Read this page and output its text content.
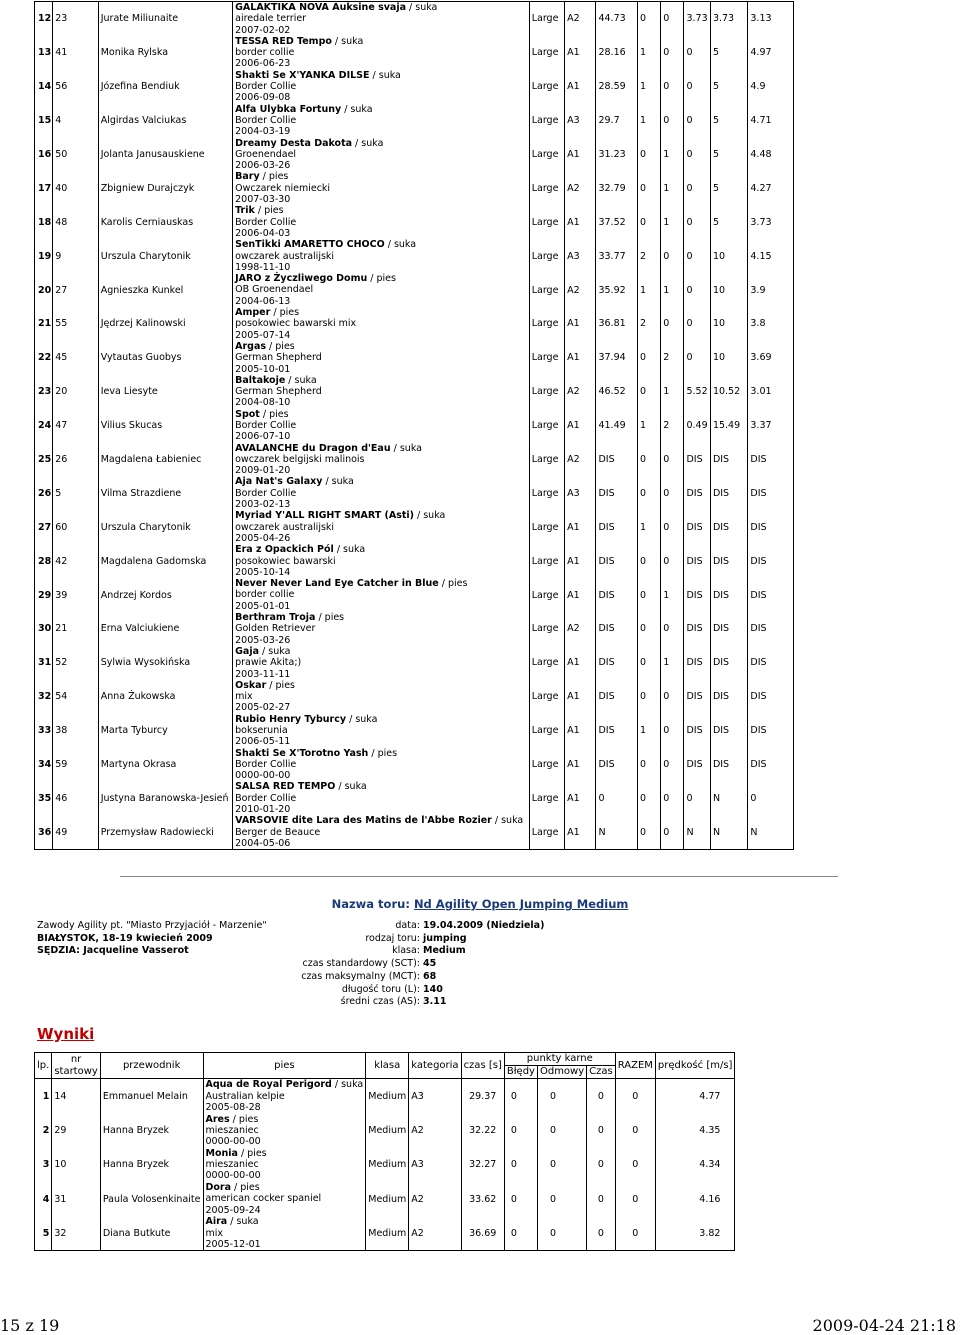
12	23	Jurate Miliunaite	GALAKTIKA NOVA Auksine svaja / suka
airedale terrier
2007-02-02	Large	A2	44.73	0	0	3.73	3.73	3.13
13	41	Monika Rylska	TESSA RED Tempo / suka
border collie
2006-06-23	Large	A1	28.16	1	0	0	5	4.97
14	56	Józefina Bendiuk	Shakti Se X'YANKA DILSE / suka
Border Collie
2006-09-08	Large	A1	28.59	1	0	0	5	4.9
15	4	Algirdas Valciukas	Alfa Ulybka Fortuny / suka
Border Collie
2004-03-19	Large	A3	29.7	1	0	0	5	4.71
16	50	Jolanta Janusauskiene	Dreamy Desta Dakota / suka
Groenendael
2006-03-26	Large	A1	31.23	0	1	0	5	4.48
17	40	Zbigniew Durajczyk	Bary / pies
Owczarek niemiecki
2007-03-30	Large	A2	32.79	0	1	0	5	4.27
18	48	Karolis Cerniauskas	Trik / pies
Border Collie
2006-04-03	Large	A1	37.52	0	1	0	5	3.73
19	9	Urszula Charytonik	SenTikki AMARETTO CHOCO / suka
owczarek australijski
1998-11-10	Large	A3	33.77	2	0	0	10	4.15
20	27	Agnieszka Kunkel	JARO z Życzliwego Domu / pies
OB Groenendael
2004-06-13	Large	A2	35.92	1	1	0	10	3.9
21	55	Jędrzej Kalinowski	Amper / pies
posokowiec bawarski mix
2005-07-14	Large	A1	36.81	2	0	0	10	3.8
22	45	Vytautas Guobys	Argas / pies
German Shepherd
2005-10-01	Large	A1	37.94	0	2	0	10	3.69
23	20	Ieva Liesyte	Baltakoje / suka
German Shepherd
2004-08-10	Large	A2	46.52	0	1	5.52	10.52	3.01
24	47	Vilius Skucas	Spot / pies
Border Collie
2006-07-10	Large	A1	41.49	1	2	0.49	15.49	3.37
25	26	Magdalena Łabieniec	AVALANCHE du Dragon d'Eau / suka
owczarek belgijski malinois
2009-01-20	Large	A2	DIS	0	0	DIS	DIS	DIS
26	5	Vilma Strazdiene	Aja Nat's Galaxy / suka
Border Collie
2003-02-13	Large	A3	DIS	0	0	DIS	DIS	DIS
27	60	Urszula Charytonik	Myriad Y'ALL RIGHT SMART (Asti) / suka
owczarek australijski
2005-04-26	Large	A1	DIS	1	0	DIS	DIS	DIS
28	42	Magdalena Gadomska	Era z Opackich Pól / suka
posokowiec bawarski
2005-10-14	Large	A1	DIS	0	0	DIS	DIS	DIS
29	39	Andrzej Kordos	Never Never Land Eye Catcher in Blue / pies
border collie
2005-01-01	Large	A1	DIS	0	1	DIS	DIS	DIS
30	21	Erna Valciukiene	Berthram Troja / pies
Golden Retriever
2005-03-26	Large	A2	DIS	0	0	DIS	DIS	DIS
31	52	Sylwia Wysokińska	Gaja / suka
prawie Akita;)
2003-11-11	Large	A1	DIS	0	1	DIS	DIS	DIS
32	54	Anna Żukowska	Oskar / pies
mix
2005-02-27	Large	A1	DIS	0	0	DIS	DIS	DIS
33	38	Marta Tyburcy	Rubio Henry Tyburcy / suka
bokserunia
2006-05-11	Large	A1	DIS	1	0	DIS	DIS	DIS
34	59	Martyna Okrasa	Shakti Se X'Torotno Yash / pies
Border Collie
0000-00-00	Large	A1	DIS	0	0	DIS	DIS	DIS
35	46	Justyna Baranowska-Jesień	SALSA RED TEMPO / suka
Border Collie
2010-01-20	Large	A1	0	0	0	0	N	0
36	49	Przemysław Radowiecki	VARSOVIE dite Lara des Matins de l'Abbe Rozier / suka
Berger de Beauce
2004-05-06	Large	A1	N	0	0	N	N	N
Nazwa toru: Nd Agility Open Jumping Medium
Zawody Agility pt. "Miasto Przyjaciół - Marzenie"
BIAŁYSTOK, 18-19 kwiecień 2009
SĘDZIA: Jacqueline Vasserot
data: 19.04.2009 (Niedziela)
rodzaj toru: jumping
klasa: Medium
czas standardowy (SCT): 45
czas maksymalny (MCT): 68
długość toru (L): 140
średni czas (AS): 3.11
Wyniki
lp.	nr
startowy	przewodnik	pies	klasa	kategoria	czas [s]	punkty karne			RAZEM	prędkość [m/s]
							Błędy	Odmowy	Czas		
1	14	Emmanuel Melain	Aqua de Royal Perigord / suka
Australian kelpie
2005-08-28	Medium	A3	29.37	0	0	0	0	4.77
2	29	Hanna Bryzek	Ares / pies
mieszaniec
0000-00-00	Medium	A2	32.22	0	0	0	0	4.35
3	10	Hanna Bryzek	Monia / pies
mieszaniec
0000-00-00	Medium	A3	32.27	0	0	0	0	4.34
4	31	Paula Volosenkinaite	Dora / pies
american cocker spaniel
2005-09-24	Medium	A2	33.62	0	0	0	0	4.16
5	32	Diana Butkute	Aira / suka
mix
2005-12-01	Medium	A2	36.69	0	0	0	0	3.82
15 z 19	2009-04-24 21:18
